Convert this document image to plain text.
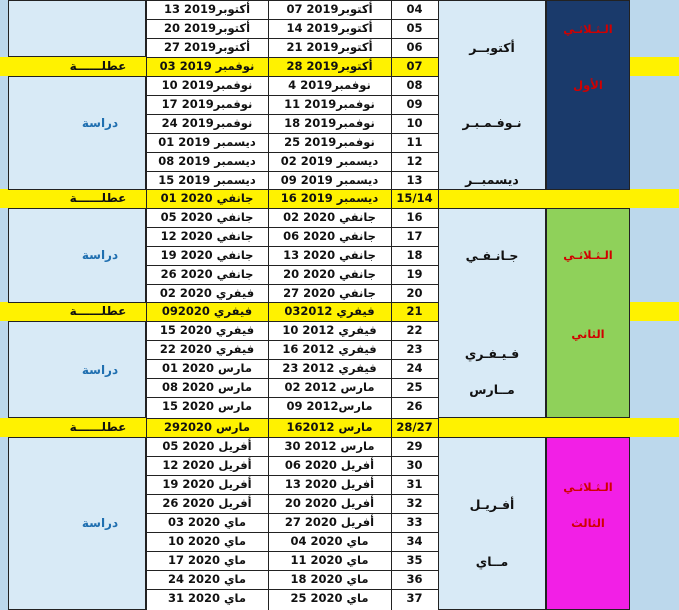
04
07 أكتوبر2019
13 أكتوبر2019
05
14 أكتوبر2019
20 أكتوبر2019
06
21 أكتوبر2019
27 أكتوبر2019
07
28 أكتوبر2019
03 نوفمبر 2019
08
4 نوفمبر2019
10 نوفمبر2019
09
11 نوفمبر2019
17 نوفمبر2019
10
18 نوفمبر2019
24 نوفمبر2019
11
25 نوفمبر2019
01 ديسمبر 2019
12
02 ديسمبر 2019
08 ديسمبر 2019
13
09 ديسمبر 2019
15 ديسمبر 2019
15/14
16 ديسمبر 2019
01 جانفي 2020
16
02 جانفي 2020
05 جانفي 2020
17
06 جانفي 2020
12 جانفي 2020
18
13 جانفي 2020
19 جانفي 2020
19
20 جانفي 2020
26 جانفي 2020
20
27 جانفي 2020
02 فيفري 2020
21
03فيفري 2012
09فيفري 2020
22
10 فيفري 2012
15 فيفري 2020
23
16 فيفري 2012
22 فيفري 2020
24
23 فيفري 2012
01 مارس 2020
25
02 مارس 2012
08 مارس 2020
26
09 مارس2012
15 مارس 2020
28/27
16مارس 2012
29مارس 2020
29
30 مارس 2012
05 أفريل 2020
30
06 أفريل 2020
12 أفريل 2020
31
13 أفريل 2020
19 أفريل 2020
32
20 أفريل 2020
26 أفريل 2020
33
27 أفريل 2020
03 ماي 2020
34
04 ماي 2020
10 ماي 2020
35
11 ماي 2020
17 ماي 2020
36
18 ماي 2020
24 ماي 2020
37
25 ماي 2020
31 ماي 2020
أكتوبــر
نـوفـمـبـر
ديسمبــر
جـانـفـي
فـيـفـري
مــارس
أفـريـل
مــاي
الـثـلاثـي
الأول
الـثـلاثـي
الثاني
الـثـلاثـي
الثالث
دراسة
دراسة
دراسة
دراسة
عطلــــــة
عطلــــــة
عطلــــــة
عطلــــــة
